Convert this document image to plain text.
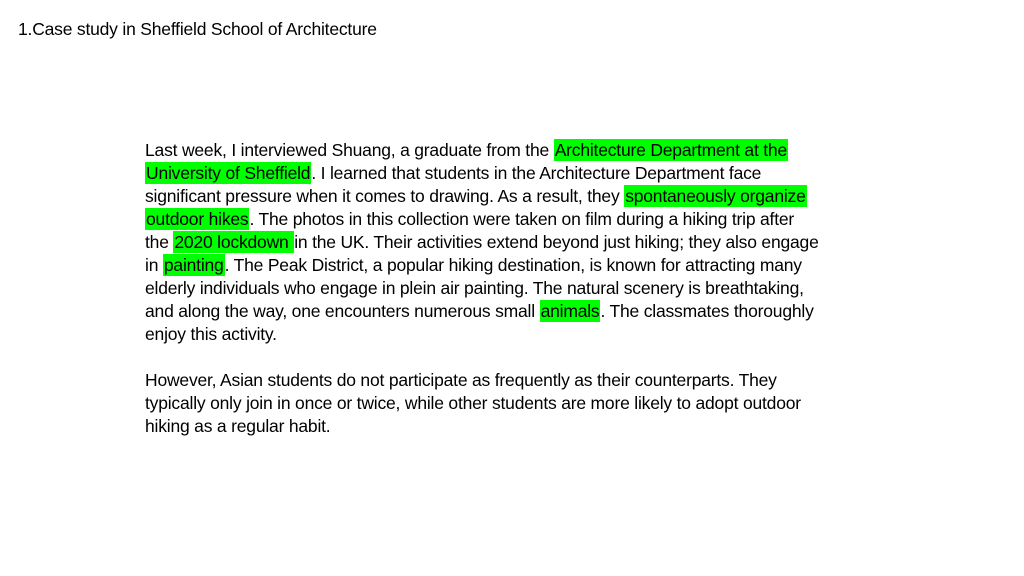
1.Case study in Sheffield School of Architecture
Last week, I interviewed Shuang, a graduate from the Architecture Department at the
University of Sheffield. I learned that students in the Architecture Department face
significant pressure when it comes to drawing. As a result, they spontaneously organize
outdoor hikes. The photos in this collection were taken on film during a hiking trip after
the 2020 lockdown in the UK. Their activities extend beyond just hiking; they also engage
in painting. The Peak District, a popular hiking destination, is known for attracting many
elderly individuals who engage in plein air painting. The natural scenery is breathtaking,
and along the way, one encounters numerous small animals. The classmates thoroughly
enjoy this activity.
However, Asian students do not participate as frequently as their counterparts. They
typically only join in once or twice, while other students are more likely to adopt outdoor
hiking as a regular habit.
